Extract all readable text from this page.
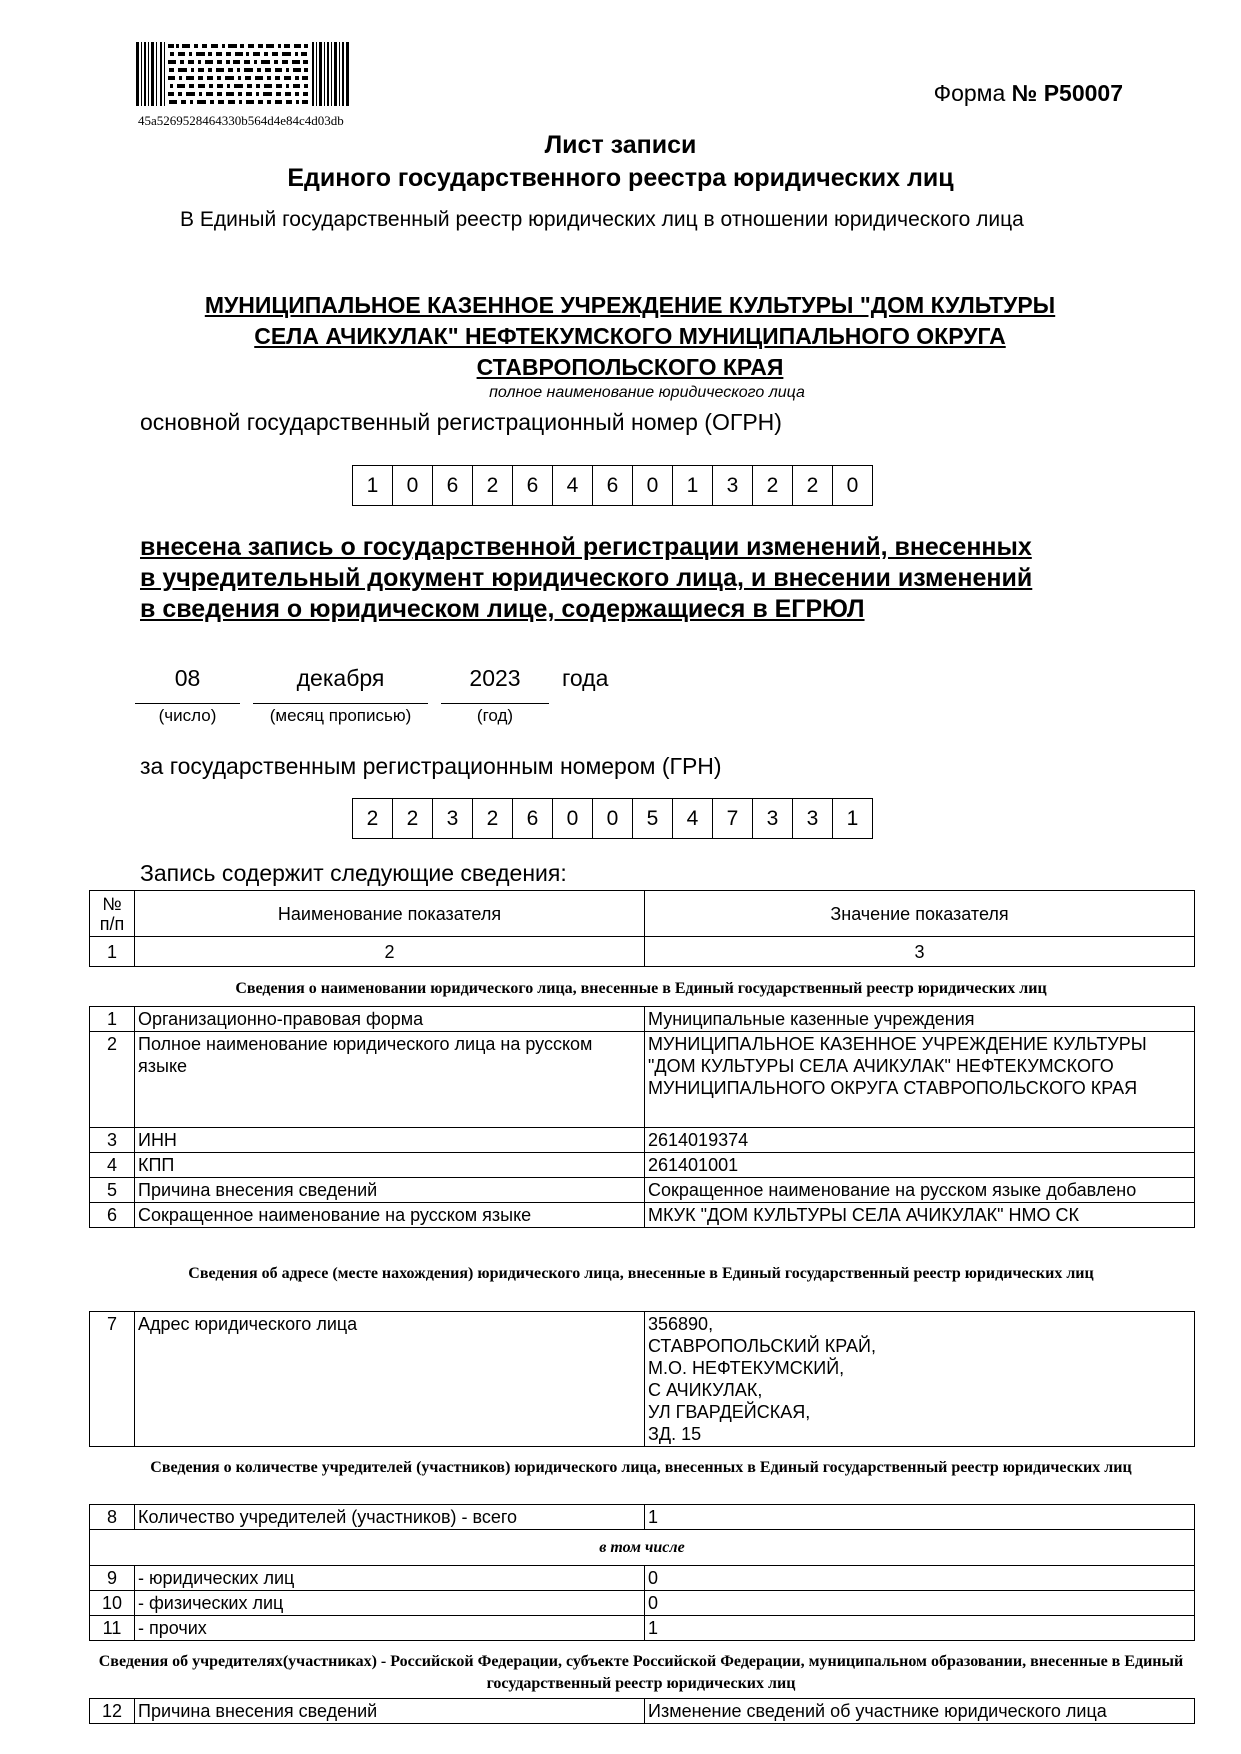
45a5269528464330b564d4e84c4d03db
Форма № Р50007
Лист записи
Единого государственного реестра юридических лиц
В Единый государственный реестр юридических лиц в отношении юридического лица
МУНИЦИПАЛЬНОЕ КАЗЕННОЕ УЧРЕЖДЕНИЕ КУЛЬТУРЫ "ДОМ КУЛЬТУРЫ
СЕЛА АЧИКУЛАК" НЕФТЕКУМСКОГО МУНИЦИПАЛЬНОГО ОКРУГА
СТАВРОПОЛЬСКОГО КРАЯ
полное наименование юридического лица
основной государственный регистрационный номер (ОГРН)
1	0	6	2	6	4	6	0	1	3	2	2	0
внесена запись о государственной регистрации изменений, внесенных
в учредительный документ юридического лица, и внесении изменений
в сведения о юридическом лице, содержащиеся в ЕГРЮЛ
08	декабря	2023	года
(число)	(месяц прописью)	(год)
за государственным регистрационным номером (ГРН)
2	2	3	2	6	0	0	5	4	7	3	3	1
Запись содержит следующие сведения:
№ п/п	Наименование показателя	Значение показателя
1	2	3
Сведения о наименовании юридического лица, внесенные в Единый государственный реестр юридических лиц
1	Организационно-правовая форма	Муниципальные казенные учреждения
2	Полное наименование юридического лица на русском языке	МУНИЦИПАЛЬНОЕ КАЗЕННОЕ УЧРЕЖДЕНИЕ КУЛЬТУРЫ "ДОМ КУЛЬТУРЫ СЕЛА АЧИКУЛАК" НЕФТЕКУМСКОГО МУНИЦИПАЛЬНОГО ОКРУГА СТАВРОПОЛЬСКОГО КРАЯ
3	ИНН	2614019374
4	КПП	261401001
5	Причина внесения сведений	Сокращенное наименование на русском языке добавлено
6	Сокращенное наименование на русском языке	МКУК "ДОМ КУЛЬТУРЫ СЕЛА АЧИКУЛАК" НМО СК
Сведения об адресе (месте нахождения) юридического лица, внесенные в Единый государственный реестр юридических лиц
7	Адрес юридического лица	356890,
СТАВРОПОЛЬСКИЙ КРАЙ,
М.О. НЕФТЕКУМСКИЙ,
С АЧИКУЛАК,
УЛ ГВАРДЕЙСКАЯ,
ЗД. 15
Сведения о количестве учредителей (участников) юридического лица, внесенных в Единый государственный реестр юридических лиц
8	Количество учредителей (участников) - всего	1
в том числе		
9	- юридических лиц	0
10	- физических лиц	0
11	- прочих	1
Сведения об учредителях(участниках) - Российской Федерации, субъекте Российской Федерации, муниципальном образовании, внесенные в Единый государственный реестр юридических лиц
12	Причина внесения сведений	Изменение сведений об участнике юридического лица
